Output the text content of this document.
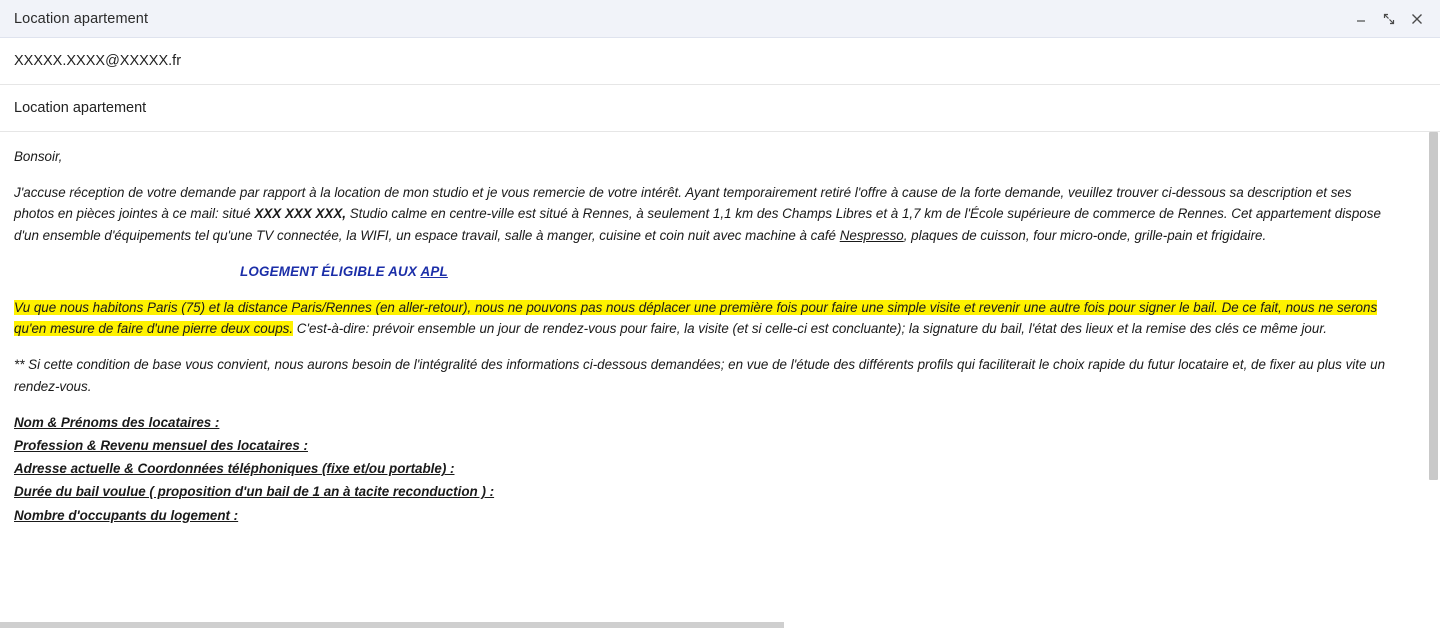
Location apartement
XXXXX.XXXX@XXXXX.fr
Location apartement

Bonsoir,

J'accuse réception de votre demande par rapport à la location de mon studio et je vous remercie de votre intérêt. Ayant temporairement retiré l'offre à cause de la forte demande, veuillez trouver ci-dessous sa description et ses photos en pièces jointes à ce mail: situé XXX XXX XXX, Studio calme en centre-ville est situé à Rennes, à seulement 1,1 km des Champs Libres et à 1,7 km de l'École supérieure de commerce de Rennes. Cet appartement dispose d'un ensemble d'équipements tel qu'une TV connectée, la WIFI, un espace travail, salle à manger, cuisine et coin nuit avec machine à café Nespresso, plaques de cuisson, four micro-onde, grille-pain et frigidaire.

LOGEMENT ÉLIGIBLE AUX APL

Vu que nous habitons Paris (75) et la distance Paris/Rennes (en aller-retour), nous ne pouvons pas nous déplacer une première fois pour faire une simple visite et revenir une autre fois pour signer le bail. De ce fait, nous ne serons qu'en mesure de faire d'une pierre deux coups. C'est-à-dire: prévoir ensemble un jour de rendez-vous pour faire, la visite (et si celle-ci est concluante); la signature du bail, l'état des lieux et la remise des clés ce même jour.

** Si cette condition de base vous convient, nous aurons besoin de l'intégralité des informations ci-dessous demandées; en vue de l'étude des différents profils qui faciliterait le choix rapide du futur locataire et, de fixer au plus vite un rendez-vous.

Nom & Prénoms des locataires :
Profession & Revenu mensuel des locataires :
Adresse actuelle & Coordonnées téléphoniques (fixe et/ou portable) :
Durée du bail voulue ( proposition d'un bail de 1 an à tacite reconduction ) :
Nombre d'occupants du logement :
